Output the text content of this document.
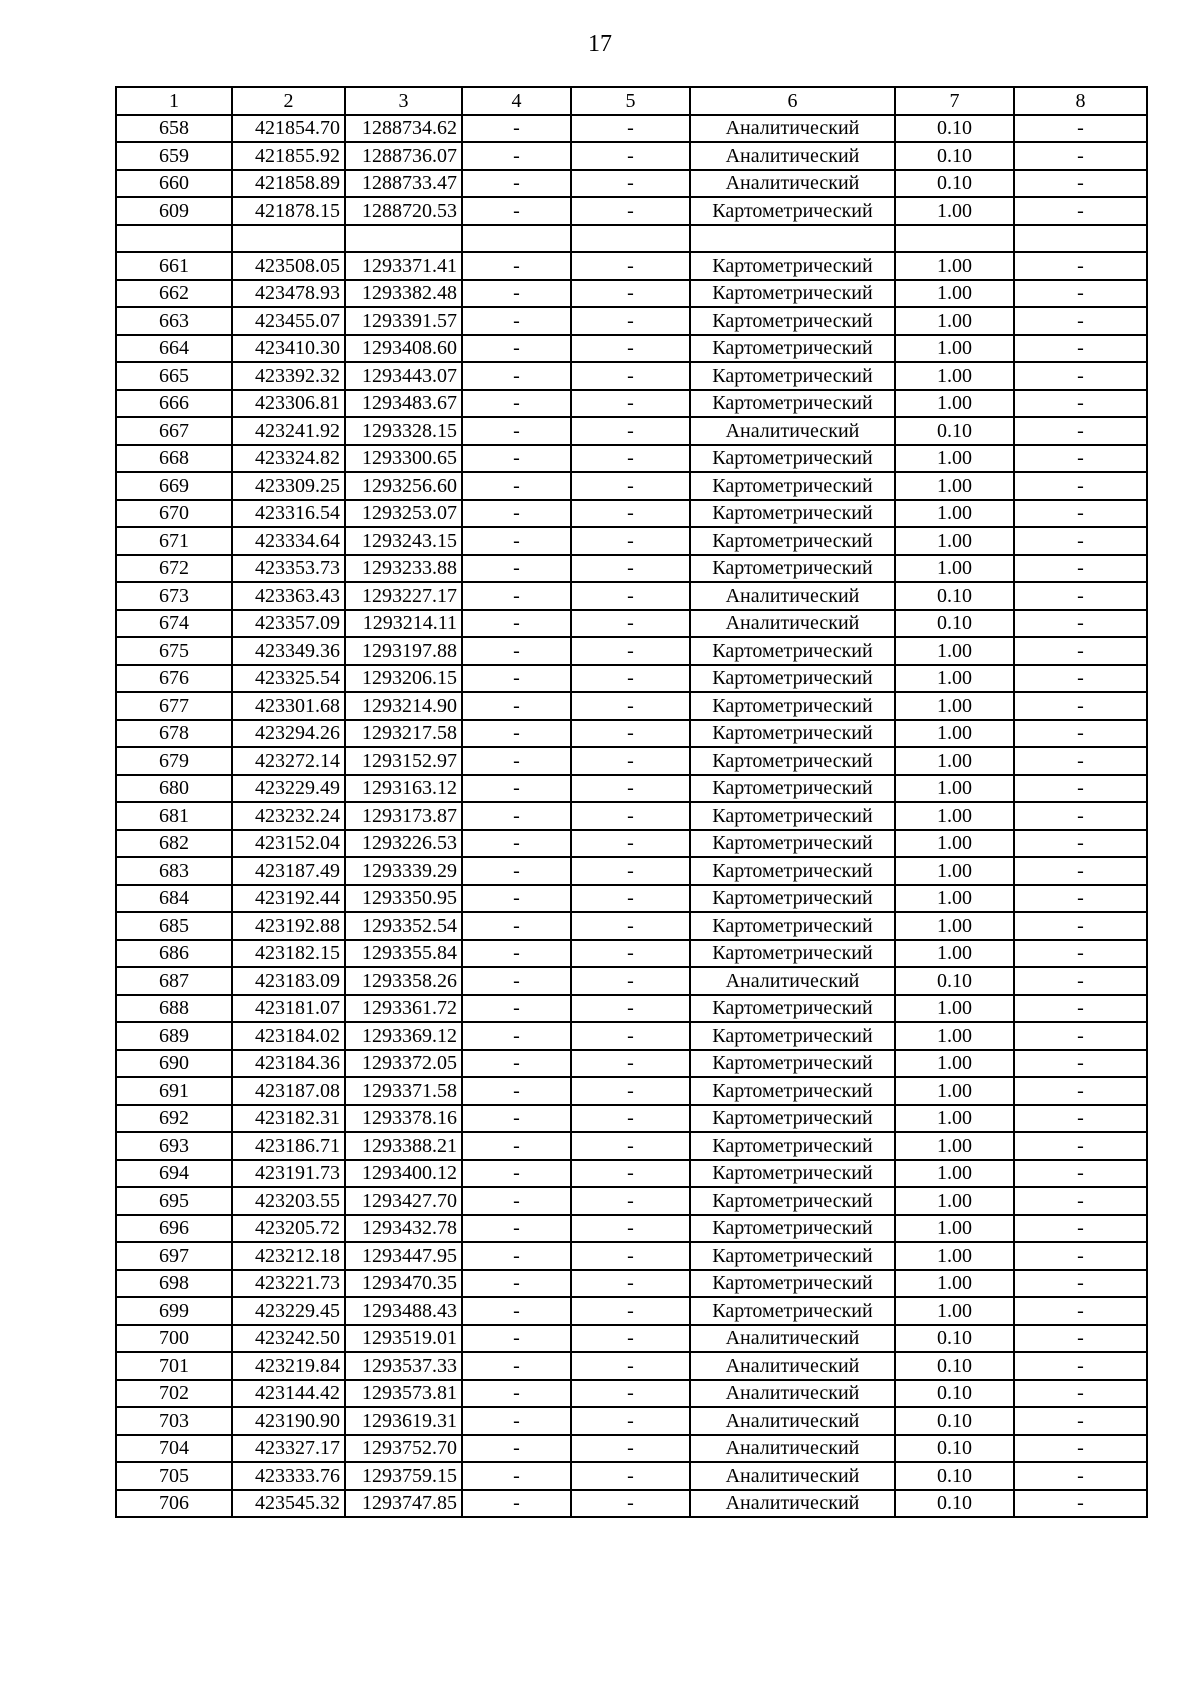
17
1	2	3	4	5	6	7	8
658	421854.70	1288734.62	-	-	Аналитический	0.10	-
659	421855.92	1288736.07	-	-	Аналитический	0.10	-
660	421858.89	1288733.47	-	-	Аналитический	0.10	-
609	421878.15	1288720.53	-	-	Картометрический	1.00	-

661	423508.05	1293371.41	-	-	Картометрический	1.00	-
662	423478.93	1293382.48	-	-	Картометрический	1.00	-
663	423455.07	1293391.57	-	-	Картометрический	1.00	-
664	423410.30	1293408.60	-	-	Картометрический	1.00	-
665	423392.32	1293443.07	-	-	Картометрический	1.00	-
666	423306.81	1293483.67	-	-	Картометрический	1.00	-
667	423241.92	1293328.15	-	-	Аналитический	0.10	-
668	423324.82	1293300.65	-	-	Картометрический	1.00	-
669	423309.25	1293256.60	-	-	Картометрический	1.00	-
670	423316.54	1293253.07	-	-	Картометрический	1.00	-
671	423334.64	1293243.15	-	-	Картометрический	1.00	-
672	423353.73	1293233.88	-	-	Картометрический	1.00	-
673	423363.43	1293227.17	-	-	Аналитический	0.10	-
674	423357.09	1293214.11	-	-	Аналитический	0.10	-
675	423349.36	1293197.88	-	-	Картометрический	1.00	-
676	423325.54	1293206.15	-	-	Картометрический	1.00	-
677	423301.68	1293214.90	-	-	Картометрический	1.00	-
678	423294.26	1293217.58	-	-	Картометрический	1.00	-
679	423272.14	1293152.97	-	-	Картометрический	1.00	-
680	423229.49	1293163.12	-	-	Картометрический	1.00	-
681	423232.24	1293173.87	-	-	Картометрический	1.00	-
682	423152.04	1293226.53	-	-	Картометрический	1.00	-
683	423187.49	1293339.29	-	-	Картометрический	1.00	-
684	423192.44	1293350.95	-	-	Картометрический	1.00	-
685	423192.88	1293352.54	-	-	Картометрический	1.00	-
686	423182.15	1293355.84	-	-	Картометрический	1.00	-
687	423183.09	1293358.26	-	-	Аналитический	0.10	-
688	423181.07	1293361.72	-	-	Картометрический	1.00	-
689	423184.02	1293369.12	-	-	Картометрический	1.00	-
690	423184.36	1293372.05	-	-	Картометрический	1.00	-
691	423187.08	1293371.58	-	-	Картометрический	1.00	-
692	423182.31	1293378.16	-	-	Картометрический	1.00	-
693	423186.71	1293388.21	-	-	Картометрический	1.00	-
694	423191.73	1293400.12	-	-	Картометрический	1.00	-
695	423203.55	1293427.70	-	-	Картометрический	1.00	-
696	423205.72	1293432.78	-	-	Картометрический	1.00	-
697	423212.18	1293447.95	-	-	Картометрический	1.00	-
698	423221.73	1293470.35	-	-	Картометрический	1.00	-
699	423229.45	1293488.43	-	-	Картометрический	1.00	-
700	423242.50	1293519.01	-	-	Аналитический	0.10	-
701	423219.84	1293537.33	-	-	Аналитический	0.10	-
702	423144.42	1293573.81	-	-	Аналитический	0.10	-
703	423190.90	1293619.31	-	-	Аналитический	0.10	-
704	423327.17	1293752.70	-	-	Аналитический	0.10	-
705	423333.76	1293759.15	-	-	Аналитический	0.10	-
706	423545.32	1293747.85	-	-	Аналитический	0.10	-
